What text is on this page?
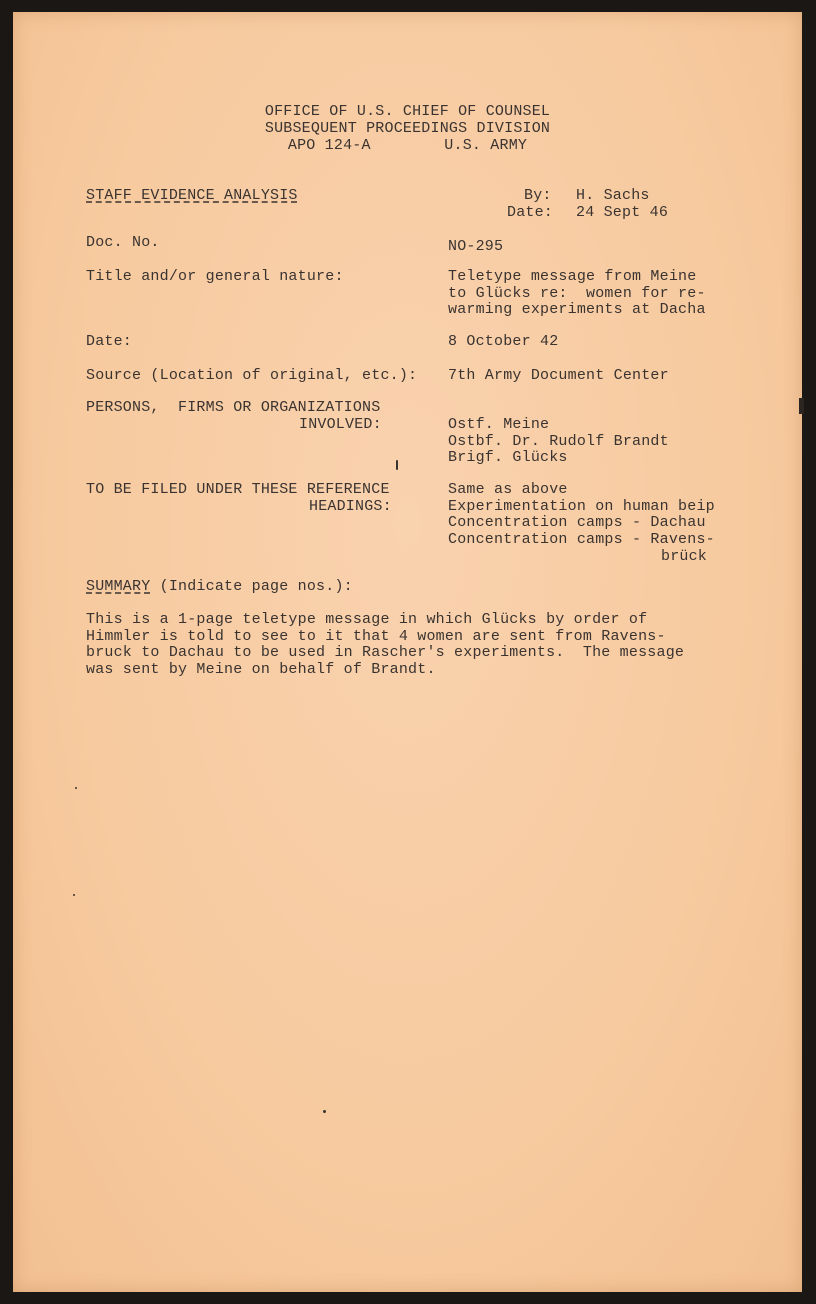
OFFICE OF U.S. CHIEF OF COUNSEL
SUBSEQUENT PROCEEDINGS DIVISION
APO 124-A        U.S. ARMY
STAFF EVIDENCE ANALYSIS	By: H. Sachs
Date: 24 Sept 46
Doc. No.	NO-295
Title and/or general nature:	Teletype message from Meine
to Glücks re:  women for re-
warming experiments at Dacha
Date:	8 October 42
Source (Location of original, etc.): 7th Army Document Center
PERSONS,  FIRMS OR ORGANIZATIONS
INVOLVED:	Ostf. Meine
Ostbf. Dr. Rudolf Brandt
Brigf. Glücks
TO BE FILED UNDER THESE REFERENCE
HEADINGS:
Same as above
Experimentation on human beip
Concentration camps - Dachau
Concentration camps - Ravens-
brück
SUMMARY (Indicate page nos.):
This is a 1-page teletype message in which Glücks by order of
Himmler is told to see to it that 4 women are sent from Ravens-
bruck to Dachau to be used in Rascher's experiments.  The message
was sent by Meine on behalf of Brandt.
